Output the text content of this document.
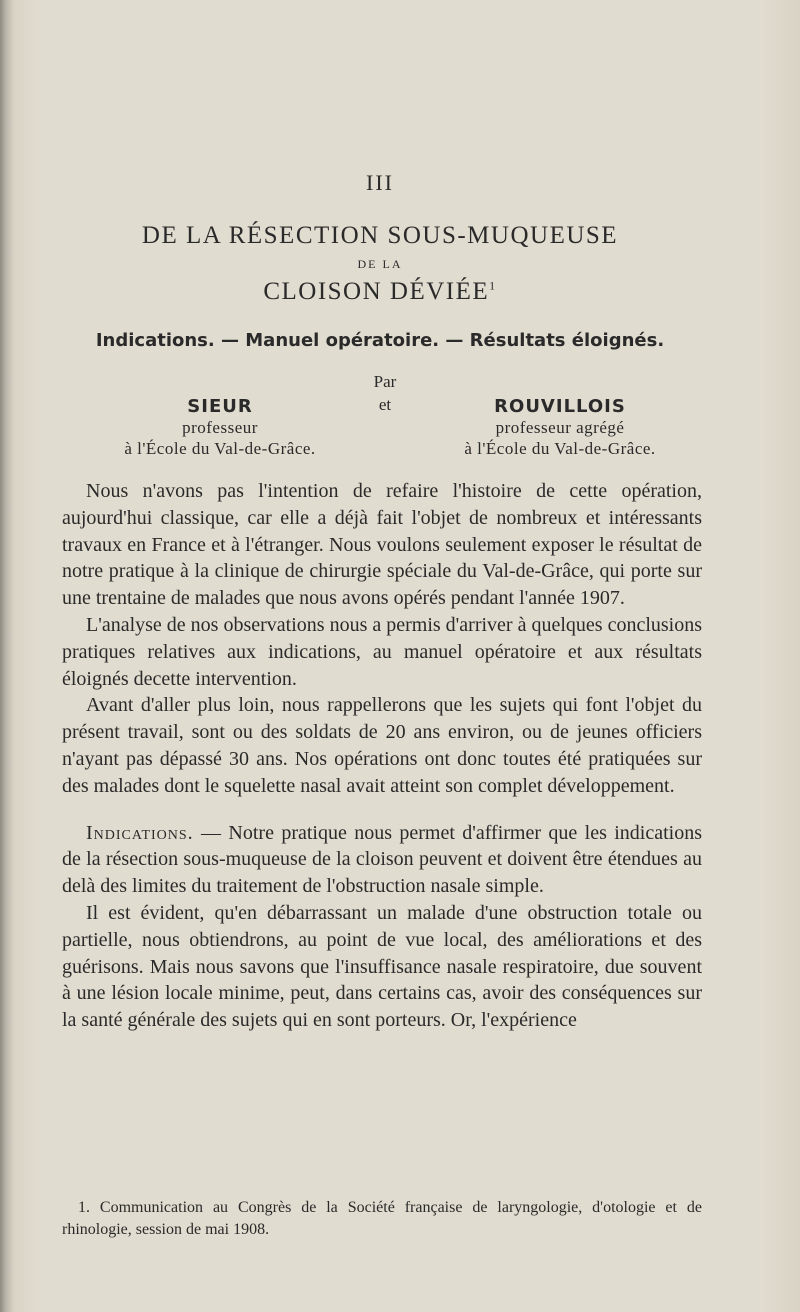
III
DE LA RÉSECTION SOUS-MUQUEUSE
DE LA
CLOISON DÉVIÉE$^1$
Indications. — Manuel opératoire. — Résultats éloignés.
Par
et
SIEUR
professeur
à l'École du Val-de-Grâce.
ROUVILLOIS
professeur agrégé
à l'École du Val-de-Grâce.

Nous n'avons pas l'intention de refaire l'histoire de cette opération, aujourd'hui classique, car elle a déjà fait l'objet de nombreux et intéressants travaux en France et à l'étranger. Nous voulons seulement exposer le résultat de notre pratique à la clinique de chirurgie spéciale du Val-de-Grâce, qui porte sur une trentaine de malades que nous avons opérés pendant l'année 1907.

L'analyse de nos observations nous a permis d'arriver à quelques conclusions pratiques relatives aux indications, au manuel opératoire et aux résultats éloignés decette intervention.

Avant d'aller plus loin, nous rappellerons que les sujets qui font l'objet du présent travail, sont ou des soldats de 20 ans environ, ou de jeunes officiers n'ayant pas dépassé 30 ans. Nos opérations ont donc toutes été pratiquées sur des malades dont le squelette nasal avait atteint son complet développement.

Indications. — Notre pratique nous permet d'affirmer que les indications de la résection sous-muqueuse de la cloison peuvent et doivent être étendues au delà des limites du traitement de l'obstruction nasale simple.

Il est évident, qu'en débarrassant un malade d'une obstruction totale ou partielle, nous obtiendrons, au point de vue local, des améliorations et des guérisons. Mais nous savons que l'insuffisance nasale respiratoire, due souvent à une lésion locale minime, peut, dans certains cas, avoir des conséquences sur la santé générale des sujets qui en sont porteurs. Or, l'expérience

1. Communication au Congrès de la Société française de laryngologie, d'otologie et de rhinologie, session de mai 1908.
